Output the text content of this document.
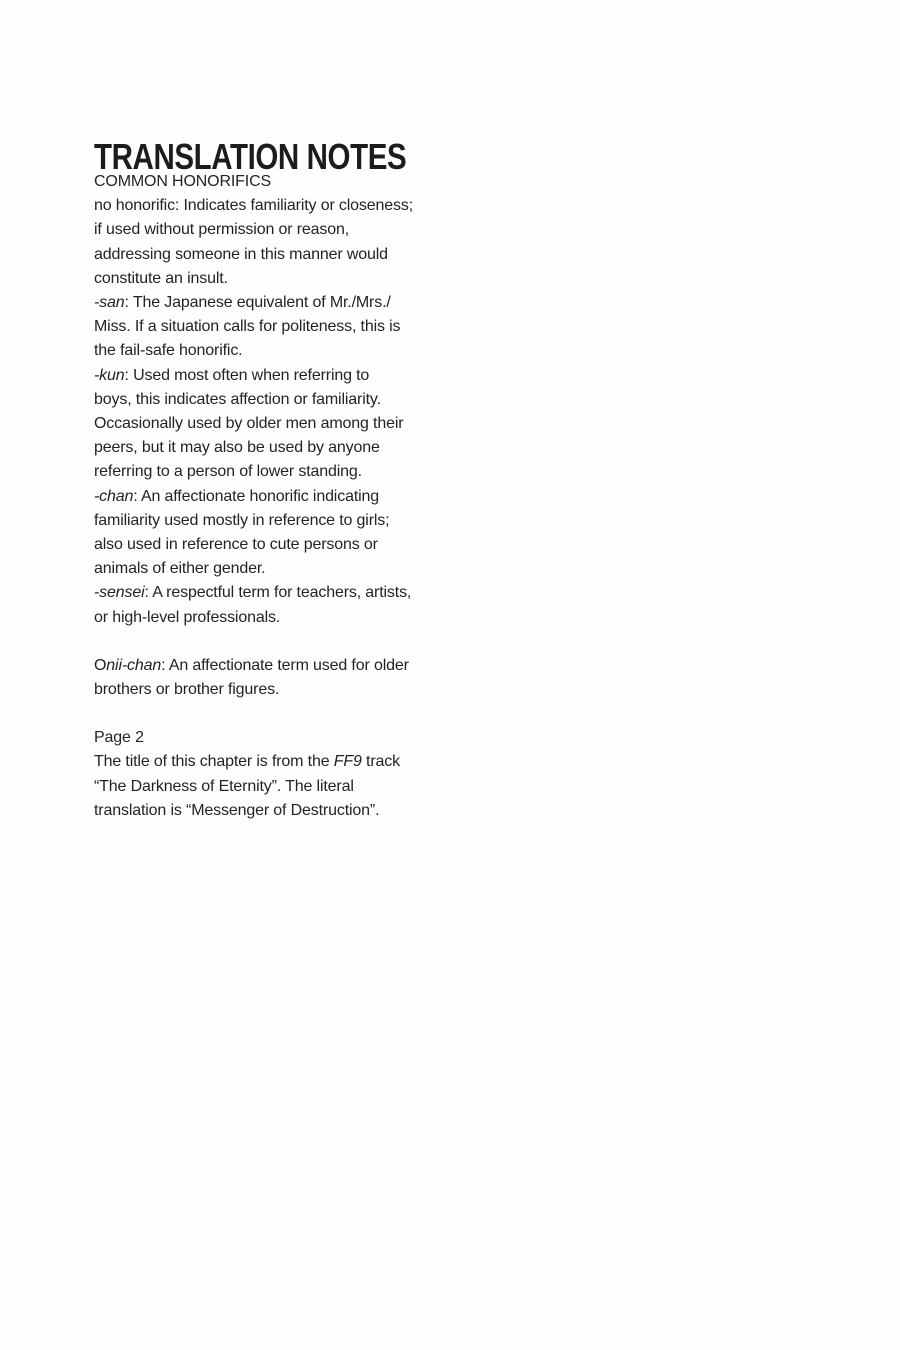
TRANSLATION NOTES
COMMON HONORIFICS
no honorific: Indicates familiarity or closeness;
if used without permission or reason,
addressing someone in this manner would
constitute an insult.
-san: The Japanese equivalent of Mr./Mrs./
Miss. If a situation calls for politeness, this is
the fail-safe honorific.
-kun: Used most often when referring to
boys, this indicates affection or familiarity.
Occasionally used by older men among their
peers, but it may also be used by anyone
referring to a person of lower standing.
-chan: An affectionate honorific indicating
familiarity used mostly in reference to girls;
also used in reference to cute persons or
animals of either gender.
-sensei: A respectful term for teachers, artists,
or high-level professionals.
Onii-chan: An affectionate term used for older
brothers or brother figures.
Page 2
The title of this chapter is from the FF9 track
“The Darkness of Eternity”. The literal
translation is “Messenger of Destruction”.
